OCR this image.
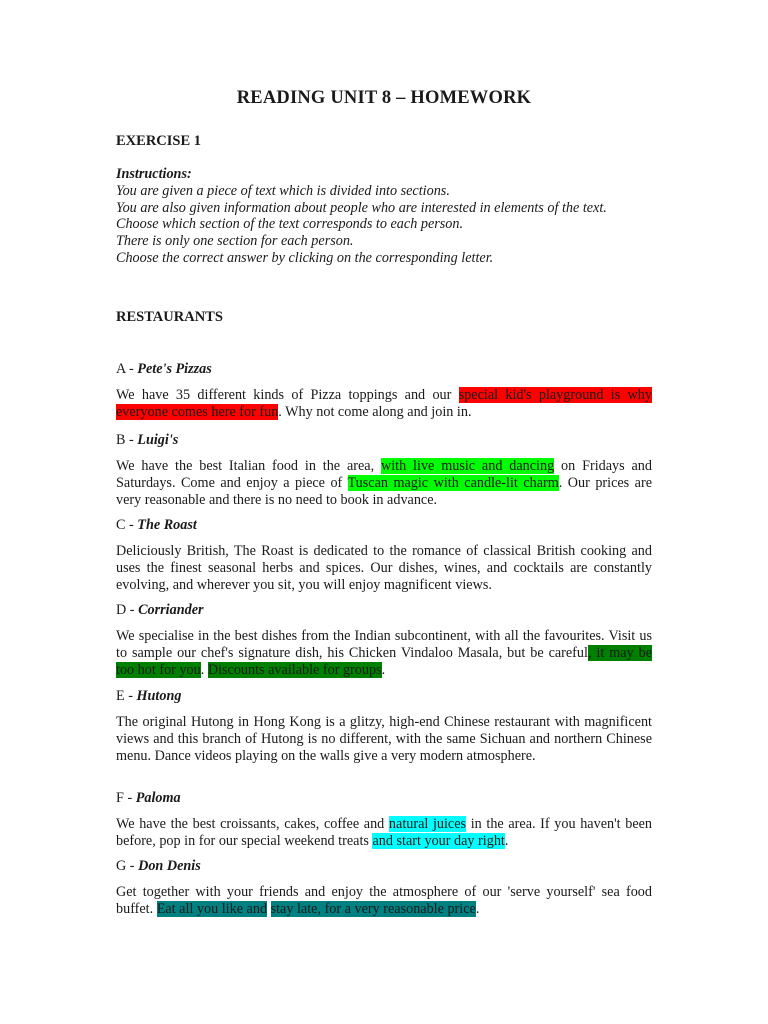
READING UNIT 8 – HOMEWORK
EXERCISE 1
Instructions:
You are given a piece of text which is divided into sections.
You are also given information about people who are interested in elements of the text.
Choose which section of the text corresponds to each person.
There is only one section for each person.
Choose the correct answer by clicking on the corresponding letter.
RESTAURANTS

A - Pete's Pizzas

We have 35 different kinds of Pizza toppings and our special kid's playground is why everyone comes here for fun. Why not come along and join in.

B - Luigi's

We have the best Italian food in the area, with live music and dancing on Fridays and Saturdays. Come and enjoy a piece of Tuscan magic with candle-lit charm. Our prices are very reasonable and there is no need to book in advance.

C - The Roast

Deliciously British, The Roast is dedicated to the romance of classical British cooking and uses the finest seasonal herbs and spices. Our dishes, wines, and cocktails are constantly evolving, and wherever you sit, you will enjoy magnificent views.

D - Corriander

We specialise in the best dishes from the Indian subcontinent, with all the favourites. Visit us to sample our chef's signature dish, his Chicken Vindaloo Masala, but be careful, it may be too hot for you. Discounts available for groups.

E - Hutong

The original Hutong in Hong Kong is a glitzy, high-end Chinese restaurant with magnificent views and this branch of Hutong is no different, with the same Sichuan and northern Chinese menu. Dance videos playing on the walls give a very modern atmosphere.

F - Paloma

We have the best croissants, cakes, coffee and natural juices in the area. If you haven't been before, pop in for our special weekend treats and start your day right.

G - Don Denis

Get together with your friends and enjoy the atmosphere of our 'serve yourself' sea food buffet. Eat all you like and stay late, for a very reasonable price.
